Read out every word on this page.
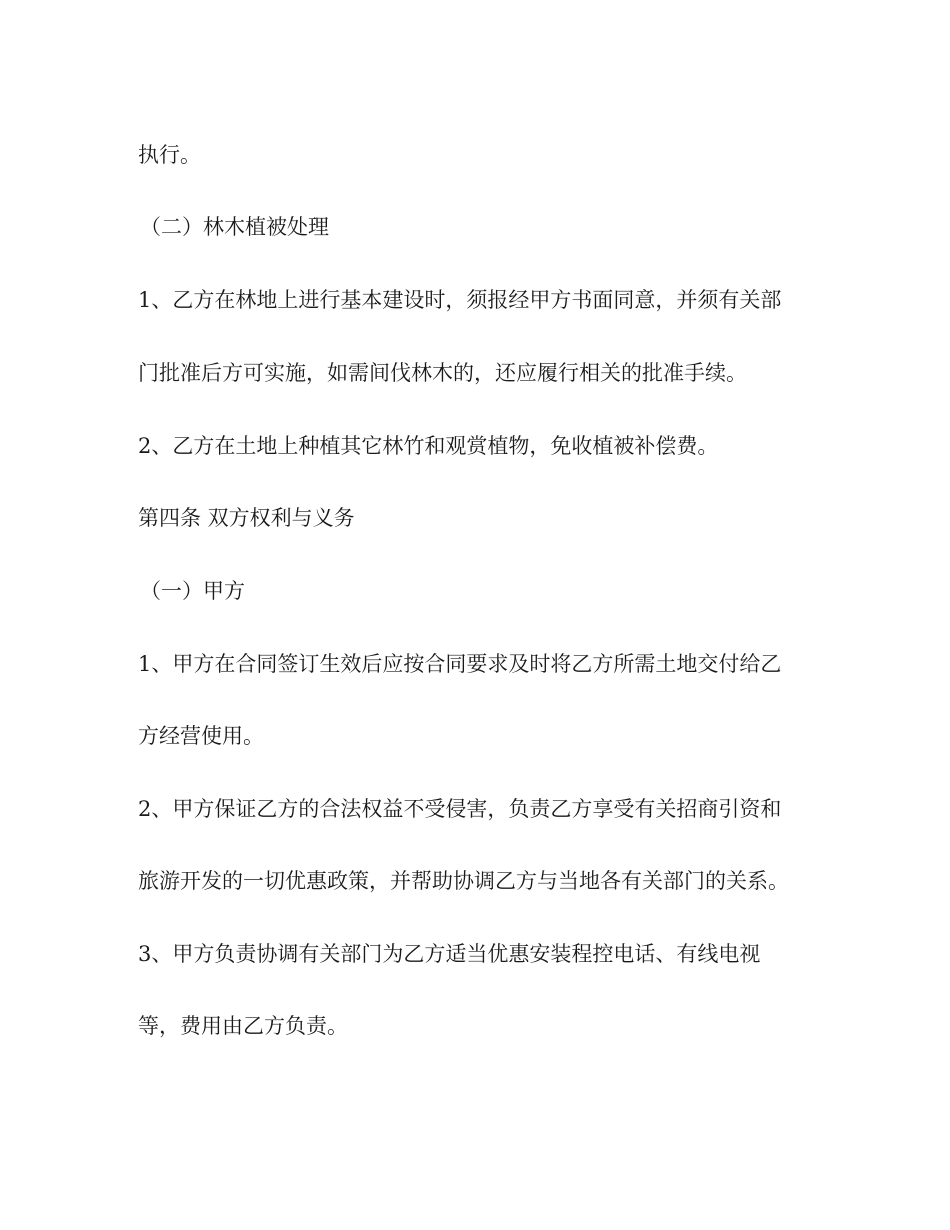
执行。

（二）林木植被处理

1、乙方在林地上进行基本建设时，须报经甲方书面同意，并须有关部

门批准后方可实施，如需间伐林木的，还应履行相关的批准手续。

2、乙方在土地上种植其它林竹和观赏植物，免收植被补偿费。

第四条 双方权利与义务

（一）甲方

1、甲方在合同签订生效后应按合同要求及时将乙方所需土地交付给乙

方经营使用。

2、甲方保证乙方的合法权益不受侵害，负责乙方享受有关招商引资和

旅游开发的一切优惠政策，并帮助协调乙方与当地各有关部门的关系。

3、甲方负责协调有关部门为乙方适当优惠安装程控电话、有线电视

等，费用由乙方负责。
